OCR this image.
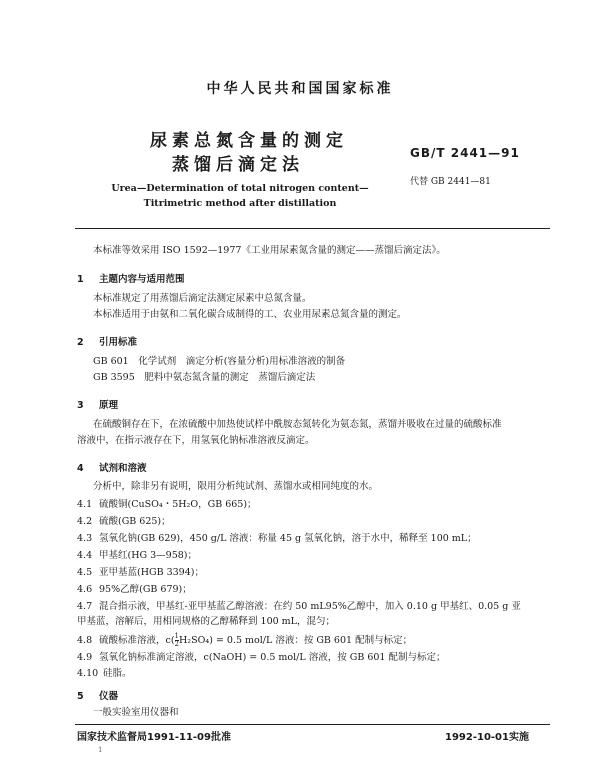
中华人民共和国国家标准
尿素总氮含量的测定
蒸馏后滴定法
GB/T 2441—91
代替 GB 2441—81
Urea—Determination of total nitrogen content—
Titrimetric method after distillation
本标准等效采用 ISO 1592—1977《工业用尿素氮含量的测定——蒸馏后滴定法》。
1 主题内容与适用范围
本标准规定了用蒸馏后滴定法测定尿素中总氮含量。
本标准适用于由氨和二氧化碳合成制得的工、农业用尿素总氮含量的测定。
2 引用标准
GB 601　化学试剂　滴定分析(容量分析)用标准溶液的制备
GB 3595　肥料中氨态氮含量的测定　蒸馏后滴定法
3 原理
在硫酸铜存在下，在浓硫酸中加热使试样中酰胺态氮转化为氨态氮，蒸馏并吸收在过量的硫酸标准
溶液中，在指示液存在下，用氢氧化钠标准溶液反滴定。
4 试剂和溶液
分析中，除非另有说明，限用分析纯试剂、蒸馏水或相同纯度的水。
4.1 硫酸铜(CuSO₄・5H₂O，GB 665)；
4.2 硫酸(GB 625)；
4.3 氢氧化钠(GB 629)，450 g/L 溶液：称量 45 g 氢氧化钠，溶于水中，稀释至 100 mL；
4.4 甲基红(HG 3—958)；
4.5 亚甲基蓝(HGB 3394)；
4.6 95%乙醇(GB 679)；
4.7 混合指示液，甲基红-亚甲基蓝乙醇溶液：在约 50 mL95%乙醇中，加入 0.10 g 甲基红、0.05 g 亚
甲基蓝，溶解后，用相同规格的乙醇稀释到 100 mL，混匀；
4.8 硫酸标准溶液，$c( \frac{1}{2} H_2SO_4) = 0.5$ mol/L 溶液：按 GB 601 配制与标定；
4.9 氢氧化钠标准滴定溶液，c(NaOH) = 0.5 mol/L 溶液，按 GB 601 配制与标定；
4.10 硅脂。
5 仪器
一般实验室用仪器和
国家技术监督局1991-11-09批准	1992-10-01实施
1
